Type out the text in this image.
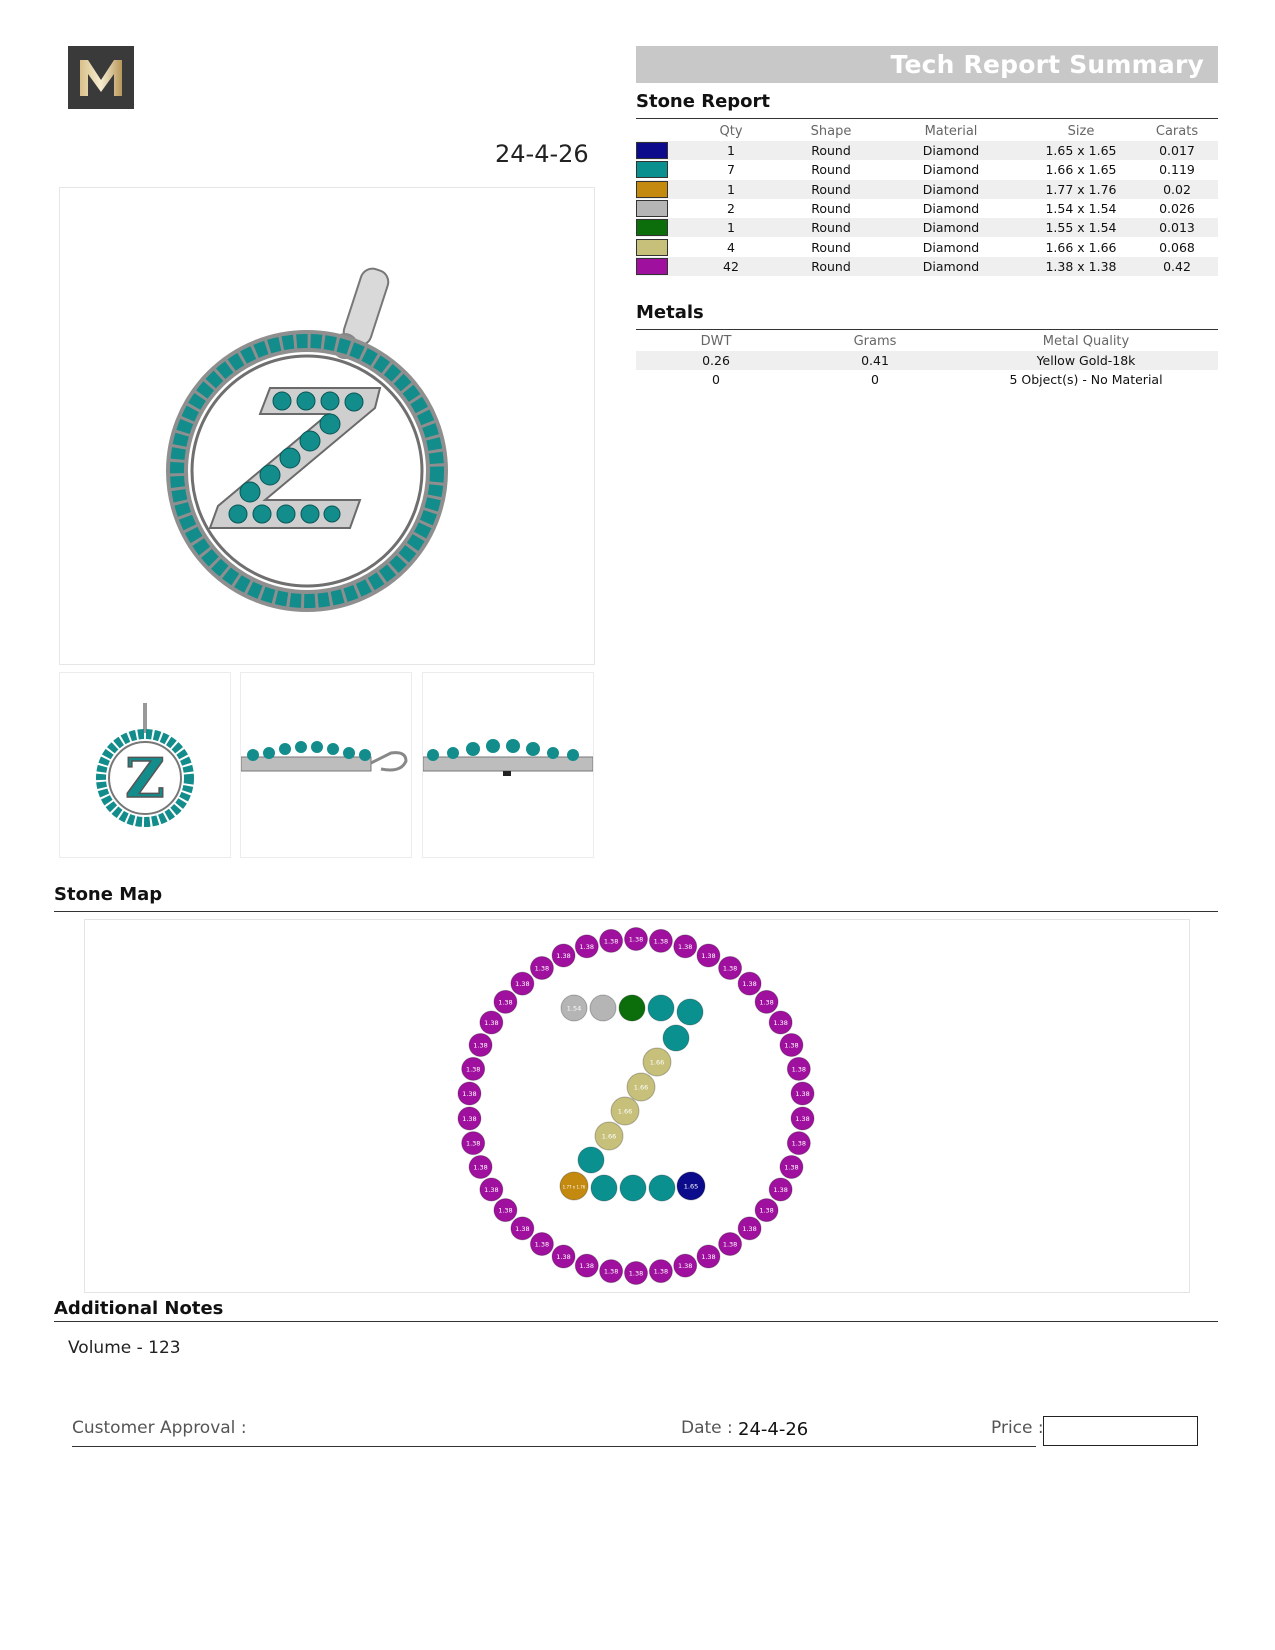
24-4-26
Z
Tech Report Summary
Stone Report
	Qty	Shape	Material	Size	Carats
	1	Round	Diamond	1.65 x 1.65	0.017
	7	Round	Diamond	1.66 x 1.65	0.119
	1	Round	Diamond	1.77 x 1.76	0.02
	2	Round	Diamond	1.54 x 1.54	0.026
	1	Round	Diamond	1.55 x 1.54	0.013
	4	Round	Diamond	1.66 x 1.66	0.068
	42	Round	Diamond	1.38 x 1.38	0.42
Metals
DWT	Grams	Metal Quality
0.26	0.41	Yellow Gold-18k
0	0	5 Object(s) - No Material
Stone Map
1.38 1.38
1.38
1.38
1.38
1.38
1.38
1.38
1.38
1.38
1.38
1.38
1.38
1.38
1.38
1.38
1.38
1.38
1.38
1.38
1.38
1.38
1.38
1.38
1.38
1.38
1.38
1.38
1.38
1.38
1.38
1.38
1.38
1.38
1.38
1.38
1.38
1.38
1.38
1.38
1.38
1.38
1.54
1.66
1.66
1.66
1.66
1.77 x 1.76	1.65
Additional Notes
Volume - 123
Customer Approval :	Date : 24-4-26	Price :
